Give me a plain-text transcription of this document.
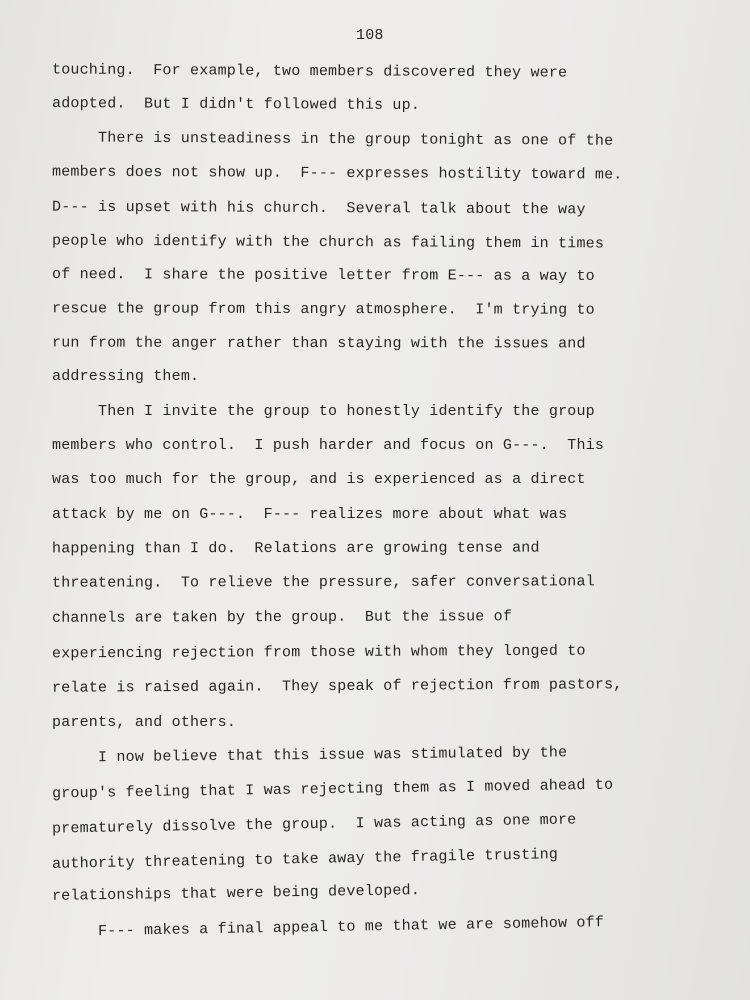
108
touching.  For example, two members discovered they were
adopted.  But I didn't followed this up.
There is unsteadiness in the group tonight as one of the
members does not show up.  F--- expresses hostility toward me.
D--- is upset with his church.  Several talk about the way
people who identify with the church as failing them in times
of need.  I share the positive letter from E--- as a way to
rescue the group from this angry atmosphere.  I'm trying to
run from the anger rather than staying with the issues and
addressing them.
Then I invite the group to honestly identify the group
members who control.  I push harder and focus on G---.  This
was too much for the group, and is experienced as a direct
attack by me on G---.  F--- realizes more about what was
happening than I do.  Relations are growing tense and
threatening.  To relieve the pressure, safer conversational
channels are taken by the group.  But the issue of
experiencing rejection from those with whom they longed to
relate is raised again.  They speak of rejection from pastors,
parents, and others.
I now believe that this issue was stimulated by the
group's feeling that I was rejecting them as I moved ahead to
prematurely dissolve the group.  I was acting as one more
authority threatening to take away the fragile trusting
relationships that were being developed.
F--- makes a final appeal to me that we are somehow off
